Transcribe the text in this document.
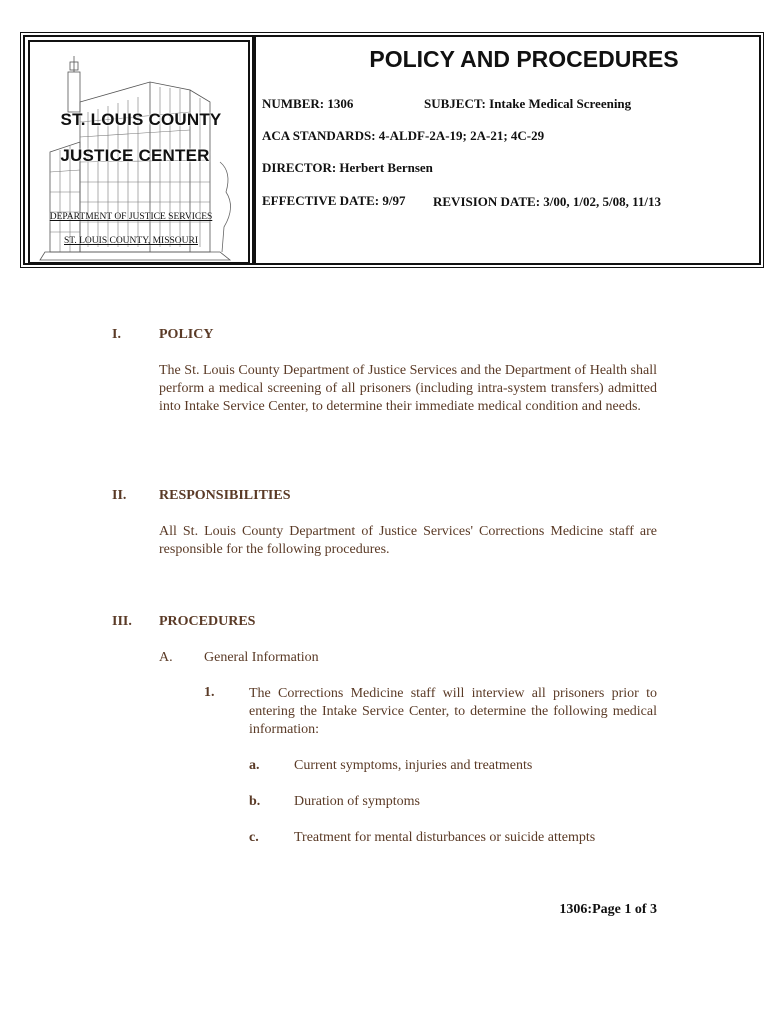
ST. LOUIS COUNTY
JUSTICE CENTER
DEPARTMENT OF JUSTICE SERVICES
ST. LOUIS COUNTY, MISSOURI
POLICY AND PROCEDURES
NUMBER: 1306	SUBJECT: Intake Medical Screening
ACA STANDARDS: 4-ALDF-2A-19; 2A-21; 4C-29
DIRECTOR: Herbert Bernsen
EFFECTIVE DATE: 9/97 REVISION DATE: 3/00, 1/02, 5/08, 11/13
I.	POLICY
The St. Louis County Department of Justice Services and the Department of Health shall perform a medical screening of all prisoners (including intra-system transfers) admitted into Intake Service Center, to determine their immediate medical condition and needs.
II. RESPONSIBILITIES
All St. Louis County Department of Justice Services' Corrections Medicine staff are responsible for the following procedures.
III. PROCEDURES
A. General Information
1. The Corrections Medicine staff will interview all prisoners prior to entering the Intake Service Center, to determine the following medical information:
a. Current symptoms, injuries and treatments
b. Duration of symptoms
c.	Treatment for mental disturbances or suicide attempts
1306:Page 1 of 3
